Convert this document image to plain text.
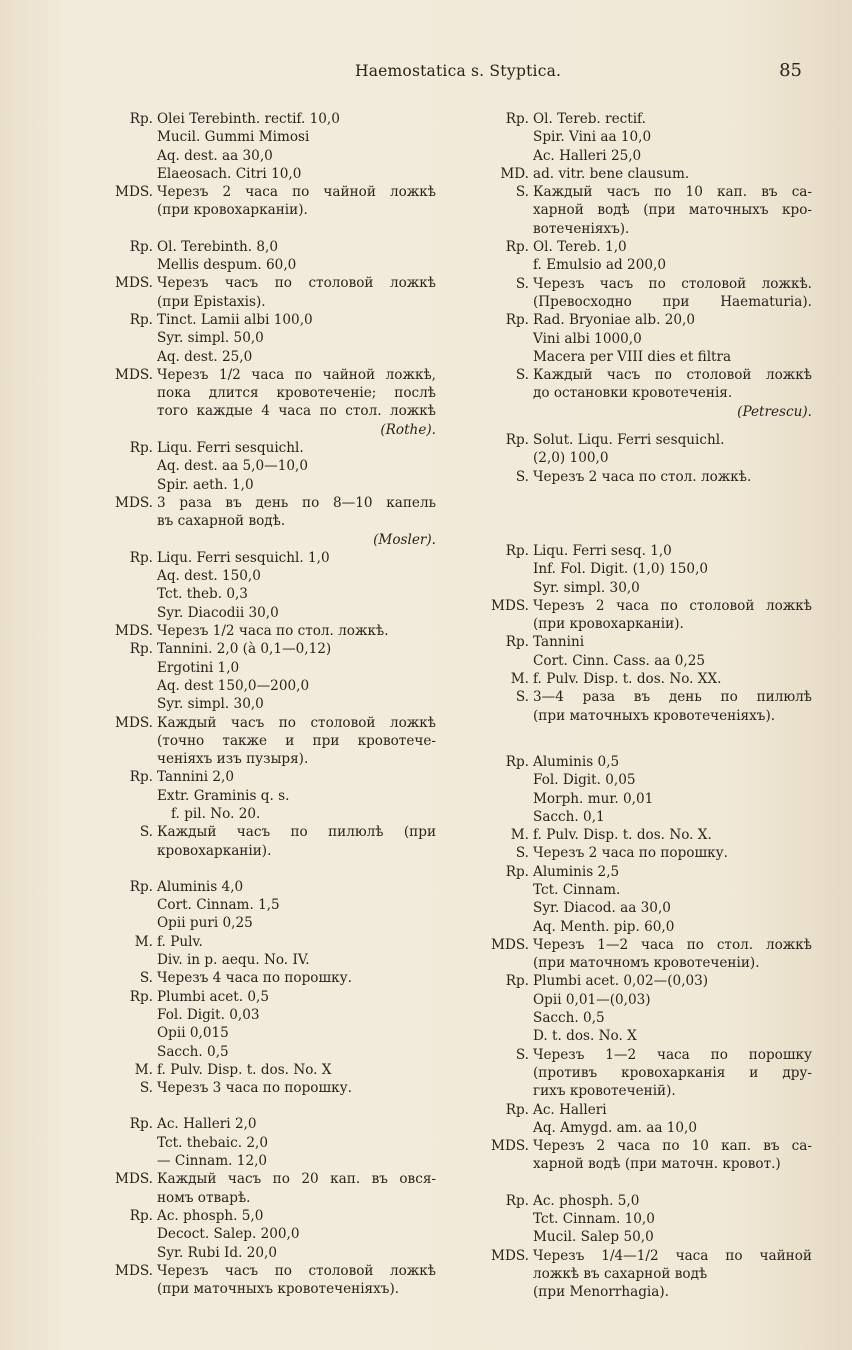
Haemostatica s. Stуptica.	85
Rp. Olei Terebinth. rectif. 10,0
Mucil. Gummi Mimosi
Aq. dest. aa 30,0
Elaeosach. Citri 10,0
MDS. Черезъ 2 часа по чайной ложкѣ
(при кровохарканіи).
Rp. Ol. Terebinth. 8,0
Mellis despum. 60,0
MDS. Черезъ часъ по столовой ложкѣ
(при Epistaxis).
Rp. Tinct. Lamii albi 100,0
Syr. simpl. 50,0
Aq. dest. 25,0
MDS. Черезъ 1/2 часа по чайной ложкѣ,
пока длится кровотеченіе; послѣ
того каждые 4 часа по стол. ложкѣ
(Rothe).
Rp. Liqu. Ferri sesquichl.
Aq. dest. aa 5,0—10,0
Spir. aeth. 1,0
MDS. 3 раза въ день по 8—10 капель
въ сахарной водѣ.
(Mosler).
Rp. Liqu. Ferri sesquichl. 1,0
Aq. dest. 150,0
Tct. theb. 0,3
Syr. Diacodii 30,0
MDS. Черезъ 1/2 часа по стол. ложкѣ.
Rp. Tannini. 2,0 (à 0,1—0,12)
Ergotini 1,0
Aq. dest 150,0—200,0
Syr. simpl. 30,0
MDS. Каждый часъ по столовой ложкѣ
(точно также и при кровотече-
ченіяхъ изъ пузыря).
Rp. Tannini 2,0
Extr. Graminis q. s.
f. pil. No. 20.
S. Каждый часъ по пилюлѣ (при
кровохарканіи).
Rp. Aluminis 4,0
Cort. Cinnam. 1,5
Opii puri 0,25
M. f. Pulv.
Div. in p. aequ. No. IV.
S. Черезъ 4 часа по порошку.
Rp. Plumbi acet. 0,5
Fol. Digit. 0,03
Opii 0,015
Sacch. 0,5
M. f. Pulv. Disp. t. dos. No. X
S. Черезъ 3 часа по порошку.
Rp. Ac. Halleri 2,0
Tct. thebaic. 2,0
— Cinnam. 12,0
MDS. Каждый часъ по 20 кап. въ овся-
номъ отварѣ.
Rp. Ac. phosph. 5,0
Decoct. Salep. 200,0
Syr. Rubi Id. 20,0
MDS. Черезъ часъ по столовой ложкѣ
(при маточныхъ кровотеченіяхъ).
Rp. Ol. Tereb. rectif.
Spir. Vini aa 10,0
Ac. Halleri 25,0
MD. ad. vitr. bene clausum.
S. Каждый часъ по 10 кап. въ са-
харной водѣ (при маточныхъ кро-
вотеченіяхъ).
Rp. Ol. Tereb. 1,0
f. Emulsio ad 200,0
S. Черезъ часъ по столовой ложкѣ.
(Превосходно при Haematuria).
Rp. Rad. Bryoniae alb. 20,0
Vini albi 1000,0
Macera per VIII dies et filtra
S. Каждый часъ по столовой ложкѣ
до остановки кровотеченія.
(Petrescu).
Rp. Solut. Liqu. Ferri sesquichl.
(2,0) 100,0
S. Черезъ 2 часа по стол. ложкѣ.
Rp. Liqu. Ferri sesq. 1,0
Inf. Fol. Digit. (1,0) 150,0
Syr. simpl. 30,0
MDS. Черезъ 2 часа по столовой ложкѣ
(при кровохарканіи).
Rp. Tannini
Cort. Cinn. Cass. aa 0,25
M. f. Pulv. Disp. t. dos. No. XX.
S. 3—4 раза въ день по пилюлѣ
(при маточныхъ кровотеченіяхъ).
Rp. Aluminis 0,5
Fol. Digit. 0,05
Morph. mur. 0,01
Sacch. 0,1
M. f. Pulv. Disp. t. dos. No. X.
S. Черезъ 2 часа по порошку.
Rp. Aluminis 2,5
Tct. Cinnam.
Syr. Diacod. aa 30,0
Aq. Menth. pip. 60,0
MDS. Черезъ 1—2 часа по стол. ложкѣ
(при маточномъ кровотеченіи).
Rp. Plumbi acet. 0,02—(0,03)
Opii 0,01—(0,03)
Sacch. 0,5
D. t. dos. No. X
S. Черезъ 1—2 часа по порошку
(противъ кровохарканія и дру-
гихъ кровотеченій).
Rp. Ac. Halleri
Aq. Amygd. am. aa 10,0
MDS. Черезъ 2 часа по 10 кап. въ са-
харной водѣ (при маточн. кровот.)
Rp. Ac. phosph. 5,0
Tct. Cinnam. 10,0
Mucil. Salep 50,0
MDS. Черезъ 1/4—1/2 часа по чайной
ложкѣ въ сахарной водѣ
(при Menorrhagia).
